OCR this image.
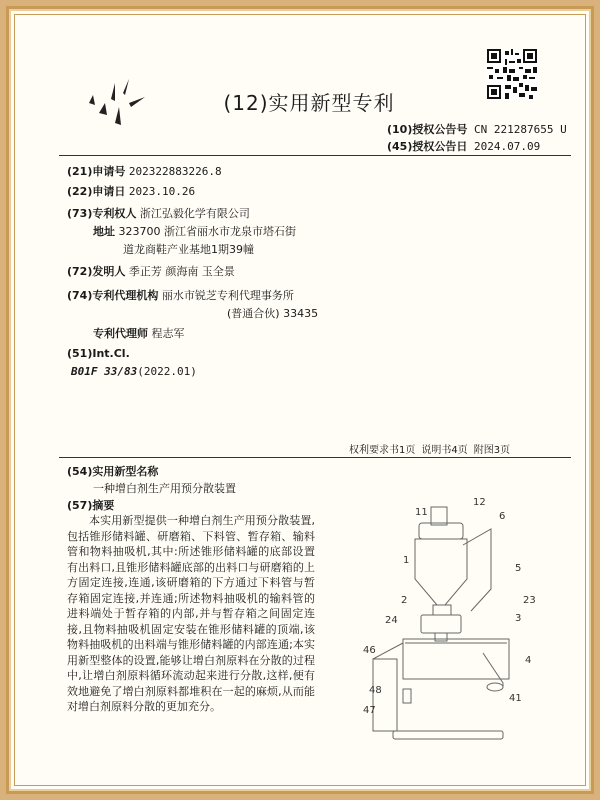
(12)实用新型专利
(10)授权公告号 CN 221287655 U
(45)授权公告日 2024.07.09
(21)申请号 202322883226.8
(22)申请日 2023.10.26
(73)专利权人 浙江弘毅化学有限公司
地址 323700 浙江省丽水市龙泉市塔石街
道龙商鞋产业基地1期39幢
(72)发明人 季正芳 颜海南 玉全景
(74)专利代理机构 丽水市锐芝专利代理事务所
(普通合伙) 33435
专利代理师 程志军
(51)Int.Cl.
B01F 33/83(2022.01)
权利要求书1页 说明书4页 附图3页
(54)实用新型名称
一种增白剂生产用预分散装置
(57)摘要
本实用新型提供一种增白剂生产用预分散装置,包括锥形储料罐、研磨箱、下料管、暂存箱、输料管和物料抽吸机,其中:所述锥形储料罐的底部设置有出料口,且锥形储料罐底部的出料口与研磨箱的上方固定连接,连通,该研磨箱的下方通过下料管与暂存箱固定连接,并连通;所述物料抽吸机的输料管的进料端处于暂存箱的内部,并与暂存箱之间固定连接,且物料抽吸机固定安装在锥形储料罐的顶端,该物料抽吸机的出料端与锥形储料罐的内部连通;本实用新型整体的设置,能够让增白剂原料在分散的过程中,让增白剂原料循环流动起来进行分散,这样,便有效地避免了增白剂原料都堆积在一起的麻烦,从而能对增白剂原料分散的更加充分。
11
12
6
1
5
23
2
24	3
46
4
41
48
47
